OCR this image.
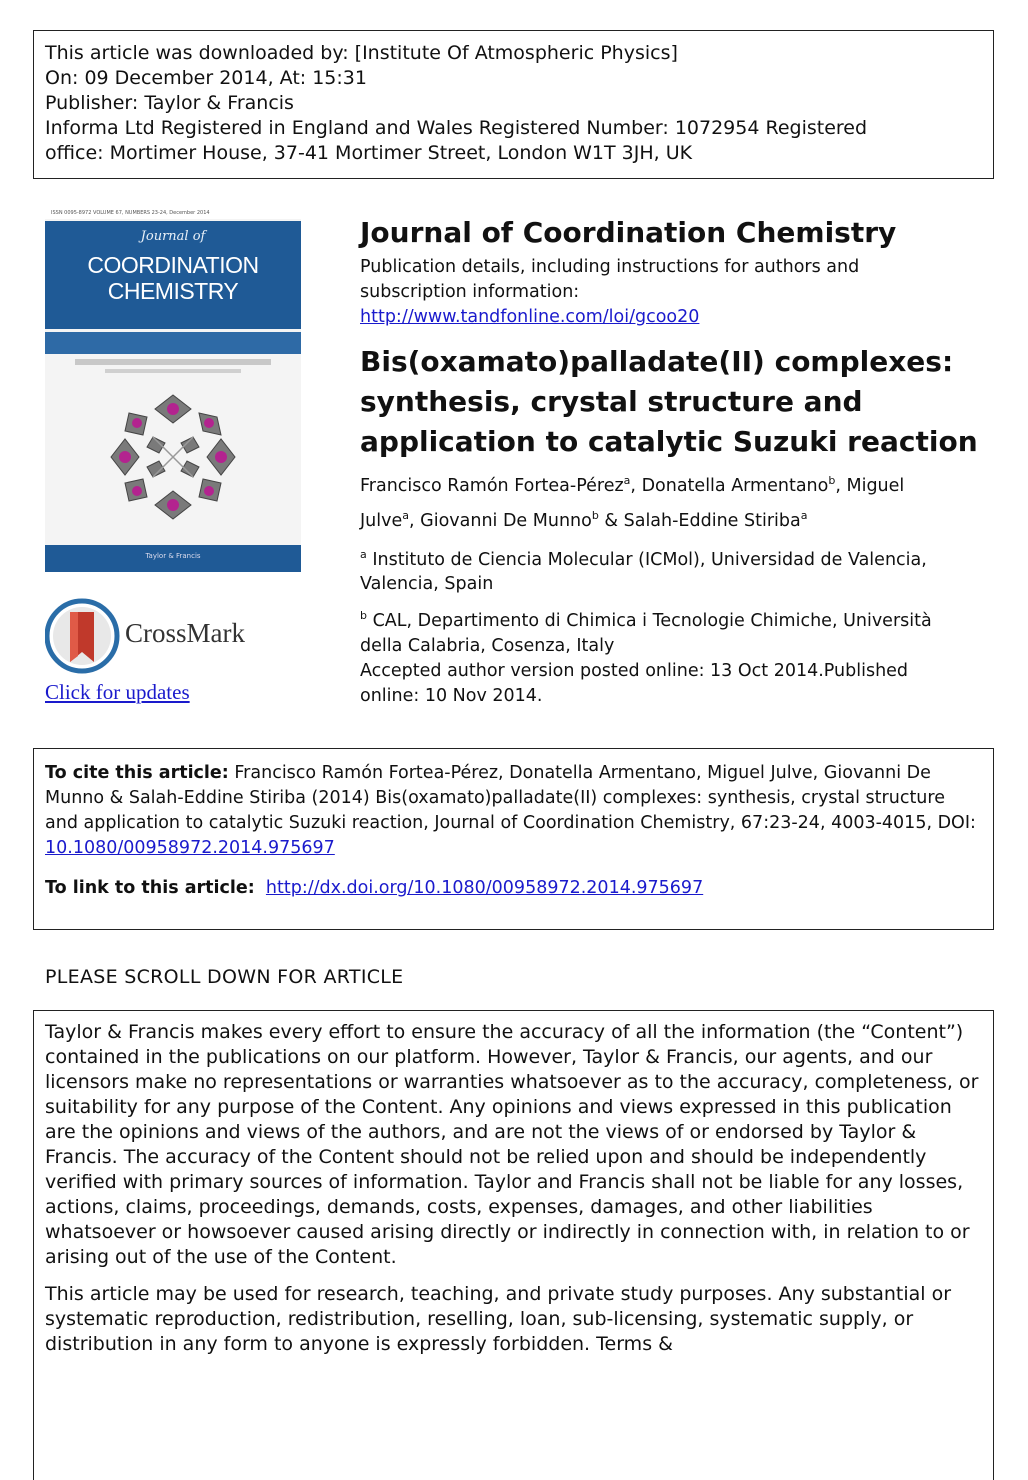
This article was downloaded by: [Institute Of Atmospheric Physics]
On: 09 December 2014, At: 15:31
Publisher: Taylor & Francis
Informa Ltd Registered in England and Wales Registered Number: 1072954 Registered
office: Mortimer House, 37-41 Mortimer Street, London W1T 3JH, UK
ISSN 0095-8972 VOLUME 67, NUMBERS 23-24, December 2014
Journal of
COORDINATION
CHEMISTRY
Taylor & Francis
CrossMark
Click for updates
Journal of Coordination Chemistry
Publication details, including instructions for authors and
subscription information:
http://www.tandfonline.com/loi/gcoo20
Bis(oxamato)palladate(II) complexes:
synthesis, crystal structure and
application to catalytic Suzuki reaction
Francisco Ramón Fortea-Pérez$^a$, Donatella Armentano$^b$, Miguel
Julve$^a$, Giovanni De Munno$^b$ & Salah-Eddine Stiriba$^a$
$^a$ Instituto de Ciencia Molecular (ICMol), Universidad de Valencia,
Valencia, Spain
$^b$ CAL, Departimento di Chimica i Tecnologie Chimiche, Università
della Calabria, Cosenza, Italy
Accepted author version posted online: 13 Oct 2014.Published
online: 10 Nov 2014.
To cite this article: Francisco Ramón Fortea-Pérez, Donatella Armentano, Miguel Julve, Giovanni De Munno & Salah-Eddine Stiriba (2014) Bis(oxamato)palladate(II) complexes: synthesis, crystal structure and application to catalytic Suzuki reaction, Journal of Coordination Chemistry, 67:23-24, 4003-4015, DOI: 10.1080/00958972.2014.975697
To link to this article: http://dx.doi.org/10.1080/00958972.2014.975697
PLEASE SCROLL DOWN FOR ARTICLE

Taylor & Francis makes every effort to ensure the accuracy of all the information (the “Content”) contained in the publications on our platform. However, Taylor & Francis, our agents, and our licensors make no representations or warranties whatsoever as to the accuracy, completeness, or suitability for any purpose of the Content. Any opinions and views expressed in this publication are the opinions and views of the authors, and are not the views of or endorsed by Taylor & Francis. The accuracy of the Content should not be relied upon and should be independently verified with primary sources of information. Taylor and Francis shall not be liable for any losses, actions, claims, proceedings, demands, costs, expenses, damages, and other liabilities whatsoever or howsoever caused arising directly or indirectly in connection with, in relation to or arising out of the use of the Content.

This article may be used for research, teaching, and private study purposes. Any substantial or systematic reproduction, redistribution, reselling, loan, sub-licensing, systematic supply, or distribution in any form to anyone is expressly forbidden. Terms &
